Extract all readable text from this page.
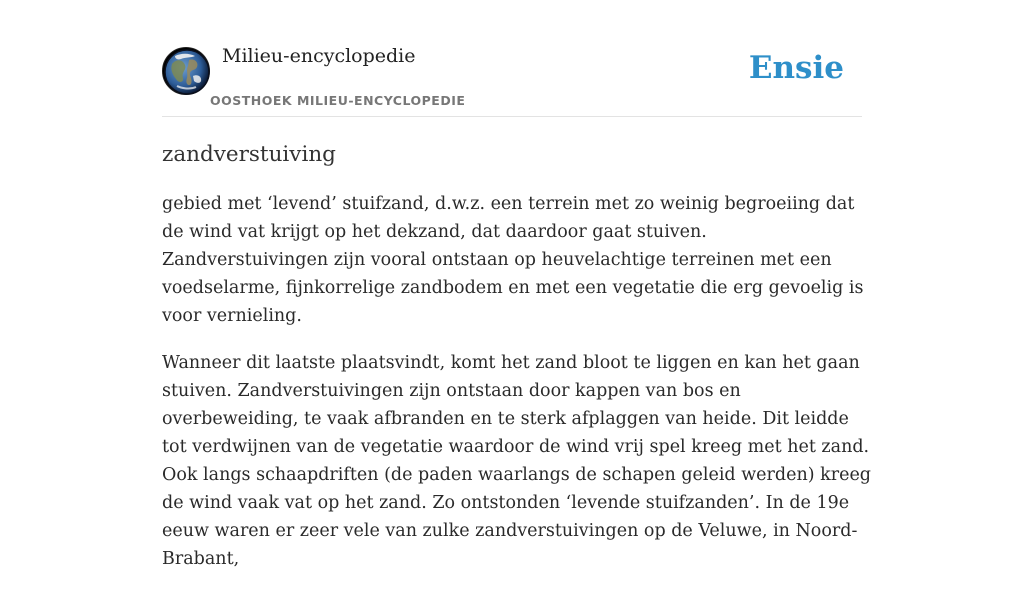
Milieu-encyclopedie
OOSTHOEK MILIEU-ENCYCLOPEDIE
Ensie
zandverstuiving

gebied met ‘levend’ stuifzand, d.w.z. een terrein met zo weinig begroeiing dat de wind vat krijgt op het dekzand, dat daardoor gaat stuiven. Zandverstuivingen zijn vooral ontstaan op heuvelachtige terreinen met een voedselarme, fijnkorrelige zandbodem en met een vegetatie die erg gevoelig is voor vernieling.

Wanneer dit laatste plaatsvindt, komt het zand bloot te liggen en kan het gaan stuiven. Zandverstuivingen zijn ontstaan door kappen van bos en overbeweiding, te vaak afbranden en te sterk afplaggen van heide. Dit leidde tot verdwijnen van de vegetatie waardoor de wind vrij spel kreeg met het zand. Ook langs schaapdriften (de paden waarlangs de schapen geleid werden) kreeg de wind vaak vat op het zand. Zo ontstonden ‘levende stuifzanden’. In de 19e eeuw waren er zeer vele van zulke zandverstuivingen op de Veluwe, in Noord-Brabant,
